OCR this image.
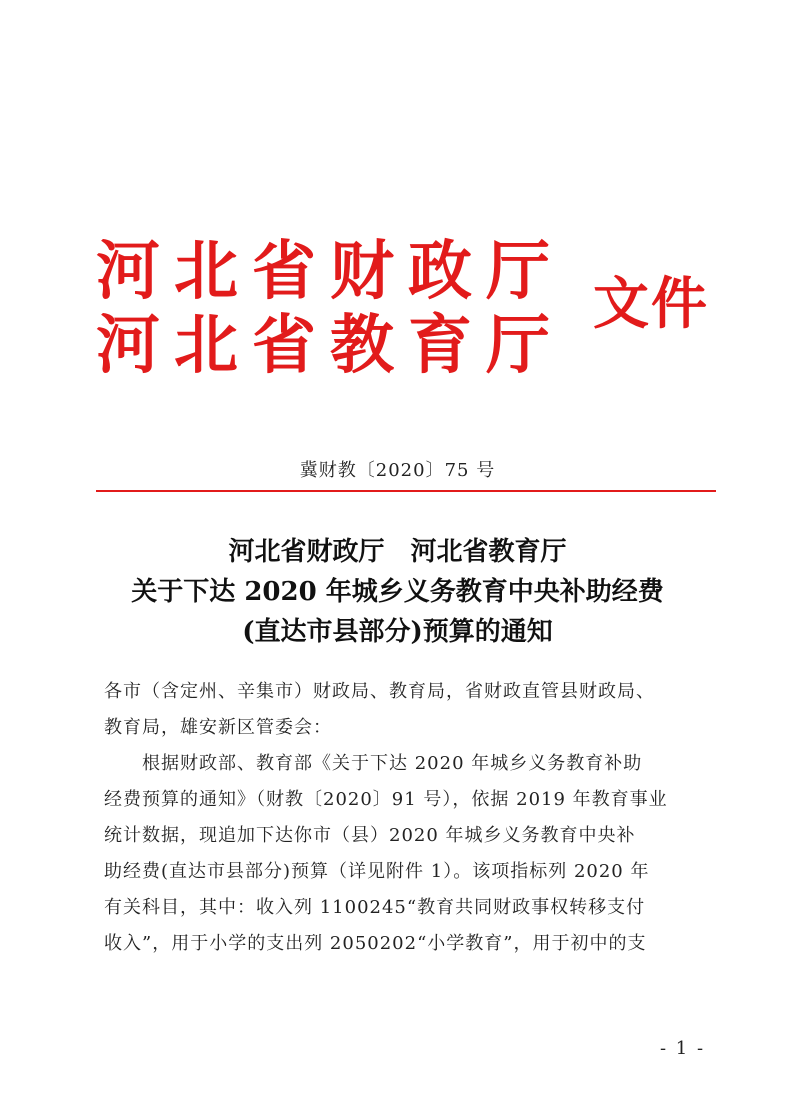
河北省财政厅
河北省教育厅
文件
冀财教〔2020〕75 号
河北省财政厅　河北省教育厅
关于下达 2020 年城乡义务教育中央补助经费
(直达市县部分)预算的通知
各市（含定州、辛集市）财政局、教育局，省财政直管县财政局、
教育局，雄安新区管委会：
　　根据财政部、教育部《关于下达 2020 年城乡义务教育补助
经费预算的通知》（财教〔2020〕91 号），依据 2019 年教育事业
统计数据，现追加下达你市（县）2020 年城乡义务教育中央补
助经费(直达市县部分)预算（详见附件 1）。该项指标列 2020 年
有关科目，其中：收入列 1100245“教育共同财政事权转移支付
收入”，用于小学的支出列 2050202“小学教育”，用于初中的支
- 1 -
